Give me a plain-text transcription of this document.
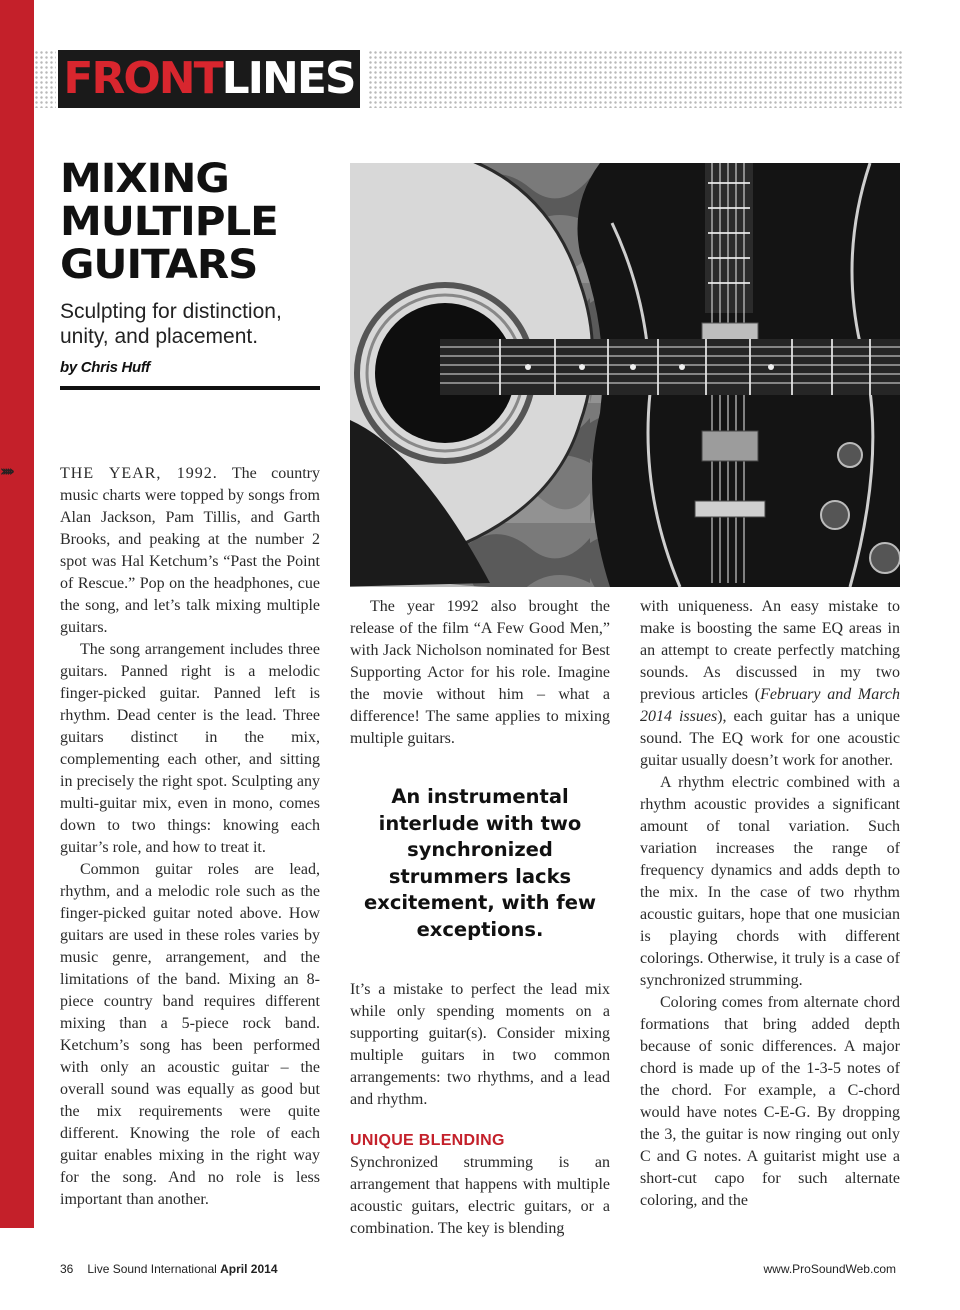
FRONTLINES
MIXING MULTIPLE GUITARS
Sculpting for distinction, unity, and placement.
by Chris Huff
›››››	THE YEAR, 1992. The country music charts were topped by songs from Alan Jackson, Pam Tillis, and Garth Brooks, and peaking at the number 2 spot was Hal Ketchum’s “Past the Point of Rescue.” Pop on the headphones, cue the song, and let’s talk mixing multiple guitars.

The song arrangement includes three guitars. Panned right is a melodic finger-picked guitar. Panned left is rhythm. Dead center is the lead. Three guitars distinct in the mix, complementing each other, and sitting in precisely the right spot. Sculpting any multi-guitar mix, even in mono, comes down to two things: knowing each guitar’s role, and how to treat it.

Common guitar roles are lead, rhythm, and a melodic role such as the finger-picked guitar noted above. How guitars are used in these roles varies by music genre, arrangement, and the limitations of the band. Mixing an 8-piece country band requires different mixing than a 5-piece rock band. Ketchum’s song has been performed with only an acoustic guitar – the overall sound was equally as good but the mix requirements were quite different. Knowing the role of each guitar enables mixing in the right way for the song. And no role is less important than another.

The year 1992 also brought the release of the film “A Few Good Men,” with Jack Nicholson nominated for Best Supporting Actor for his role. Imagine the movie without him – what a difference! The same applies to mixing multiple guitars.

An instrumental interlude with two synchronized strummers lacks excitement, with few exceptions.

It’s a mistake to perfect the lead mix while only spending moments on a supporting guitar(s). Consider mixing multiple guitars in two common arrangements: two rhythms, and a lead and rhythm.

UNIQUE BLENDING

Synchronized strumming is an arrangement that happens with multiple acoustic guitars, electric guitars, or a combination. The key is blending

with uniqueness. An easy mistake to make is boosting the same EQ areas in an attempt to create perfectly matching sounds. As discussed in my two previous articles (February and March 2014 issues), each guitar has a unique sound. The EQ work for one acoustic guitar usually doesn’t work for another.

A rhythm electric combined with a rhythm acoustic provides a significant amount of tonal variation. Such variation increases the range of frequency dynamics and adds depth to the mix. In the case of two rhythm acoustic guitars, hope that one musician is playing chords with different colorings. Otherwise, it truly is a case of synchronized strumming.

Coloring comes from alternate chord formations that bring added depth because of sonic differences. A major chord is made up of the 1-3-5 notes of the chord. For example, a C-chord would have notes C-E-G. By dropping the 3, the guitar is now ringing out only C and G notes. A guitarist might use a short-cut capo for such alternate coloring, and the

36 Live Sound International April 2014	www.ProSoundWeb.com
